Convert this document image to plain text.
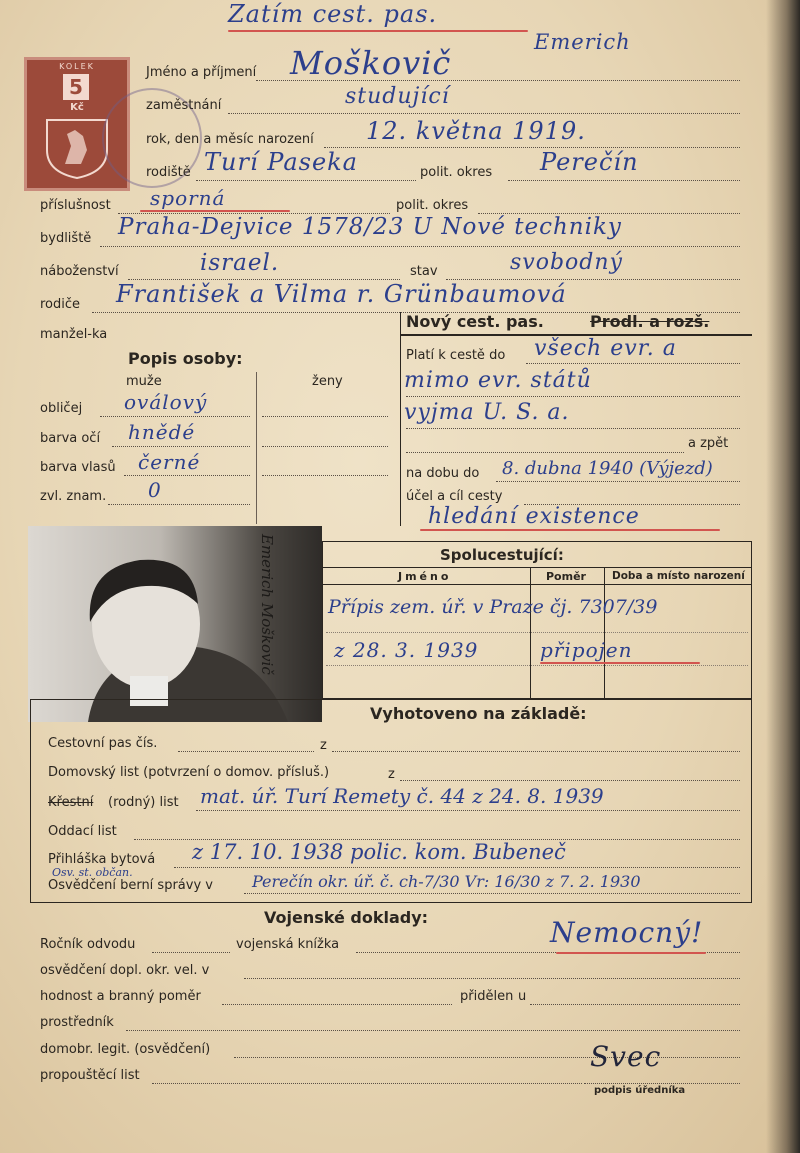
Zatím cest. pas.
KOLEK
5
Kč
Jméno a příjmení Moškovič
Emerich
zaměstnání	studující
rok, den a měsíc narození 12. května 1919.
rodiště Turí Paseka	polit. okres Perečín
příslušnost sporná	polit. okres
bydliště Praha-Dejvice 1578/23 U Nové techniky
náboženství	israel.	stav	svobodný
rodiče František a Vilma r. Grünbaumová
manžel-ka
Nový cest. pas.	Prodl. a rozš.
Platí k cestě do všech evr. a
mimo evr. států
vyjma U. S. a.
a zpět
na dobu do 8. dubna 1940 (Výjezd)
účel a cíl cesty
hledání existence
Popis osoby:
muže	ženy
obličej oválový
barva očí hnědé
barva vlasů černé
zvl. znam. 0
Emerich Moškovič	Spolucestující:
Jméno	Poměr Doba a místo narození
Přípis zem. úř. v Praze čj. 7307/39
z 28. 3. 1939	připojen
Vyhotoveno na základě:
Cestovní pas čís.	z
Domovský list (potvrzení o domov. přísluš.)	z
Křestní (rodný) list mat. úř. Turí Remety č. 44 z 24. 8. 1939
Oddací list
Přihláška bytová z 17. 10. 1938 polic. kom. Bubeneč
Osvědčení berní správy v Perečín okr. úř. č. ch-7/30 Vr: 16/30 z 7. 2. 1930
Osv. st. občan.
Vojenské doklady:
Ročník odvodu	vojenská knížka	Nemocný!
osvědčení dopl. okr. vel. v
hodnost a branný poměr	přidělen u
prostředník
domobr. legit. (osvědčení)
propouštěcí list
Svec
podpis úředníka
